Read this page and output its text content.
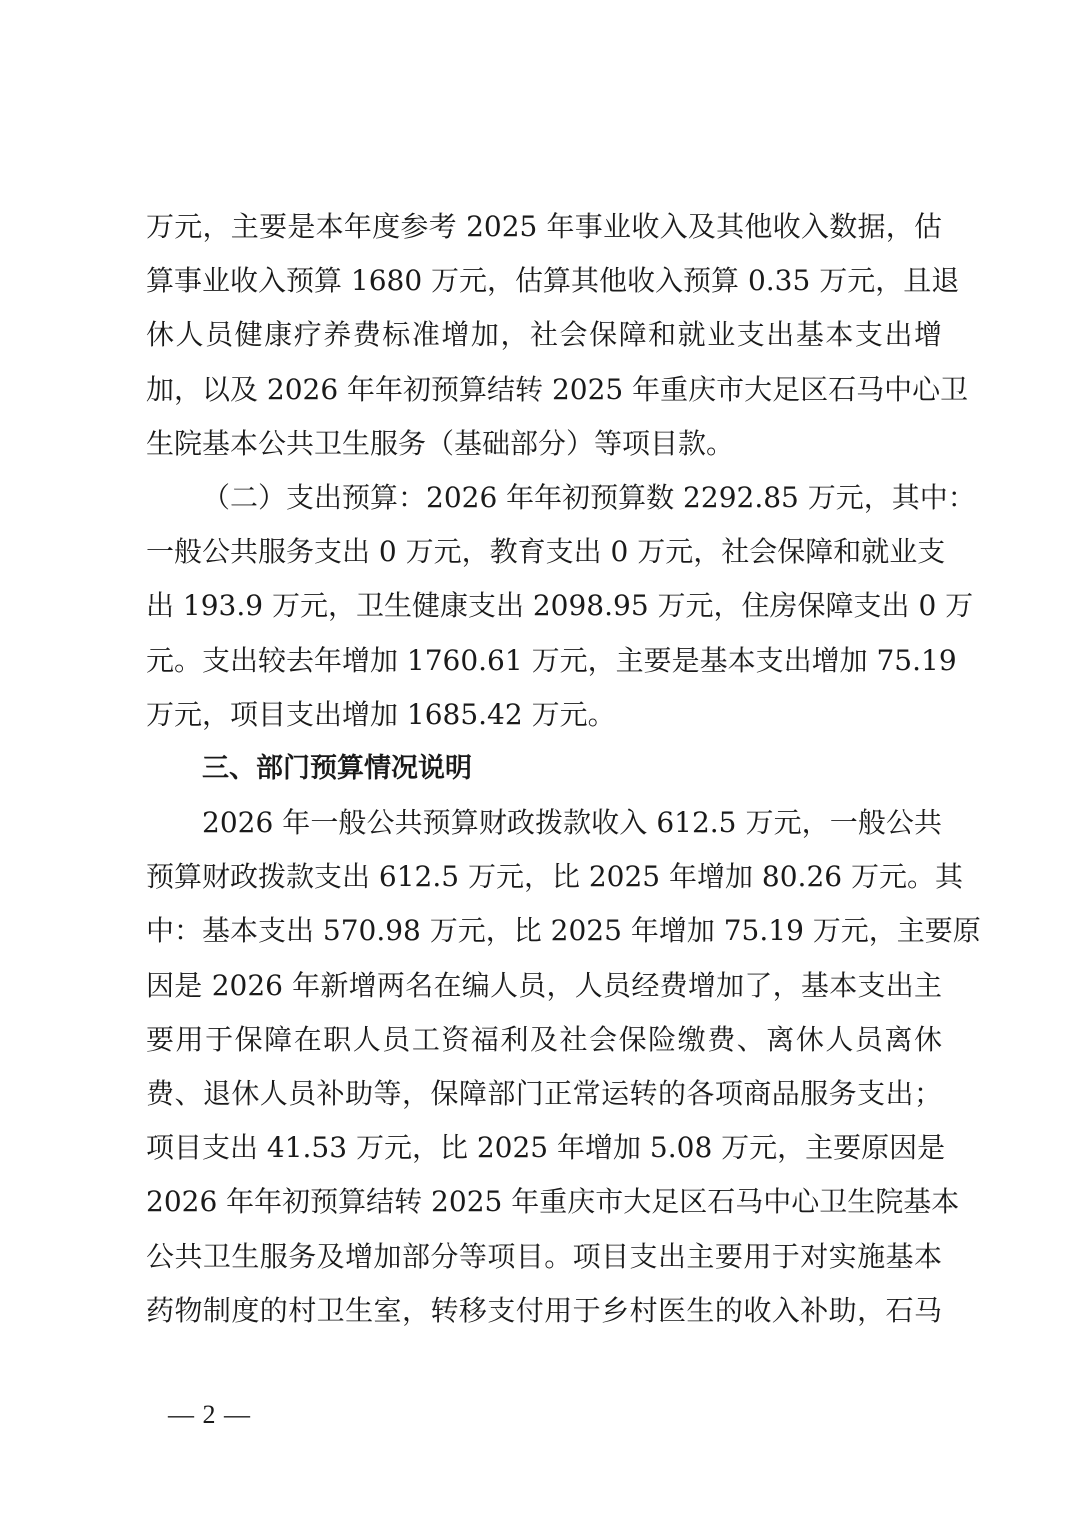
万元，主要是本年度参考 2025 年事业收入及其他收入数据，估
算事业收入预算 1680 万元，估算其他收入预算 0.35 万元，且退
休人员健康疗养费标准增加，社会保障和就业支出基本支出增
加，以及 2026 年年初预算结转 2025 年重庆市大足区石马中心卫
生院基本公共卫生服务（基础部分）等项目款。
（二）支出预算：2026 年年初预算数 2292.85 万元，其中：
一般公共服务支出 0 万元，教育支出 0 万元，社会保障和就业支
出 193.9 万元，卫生健康支出 2098.95 万元，住房保障支出 0 万
元。支出较去年增加 1760.61 万元，主要是基本支出增加 75.19
万元，项目支出增加 1685.42 万元。
三、部门预算情况说明
2026 年一般公共预算财政拨款收入 612.5 万元，一般公共
预算财政拨款支出 612.5 万元，比 2025 年增加 80.26 万元。其
中：基本支出 570.98 万元，比 2025 年增加 75.19 万元，主要原
因是 2026 年新增两名在编人员，人员经费增加了，基本支出主
要用于保障在职人员工资福利及社会保险缴费、离休人员离休
费、退休人员补助等，保障部门正常运转的各项商品服务支出；
项目支出 41.53 万元，比 2025 年增加 5.08 万元，主要原因是
2026 年年初预算结转 2025 年重庆市大足区石马中心卫生院基本
公共卫生服务及增加部分等项目。项目支出主要用于对实施基本
药物制度的村卫生室，转移支付用于乡村医生的收入补助，石马
— 2 —
